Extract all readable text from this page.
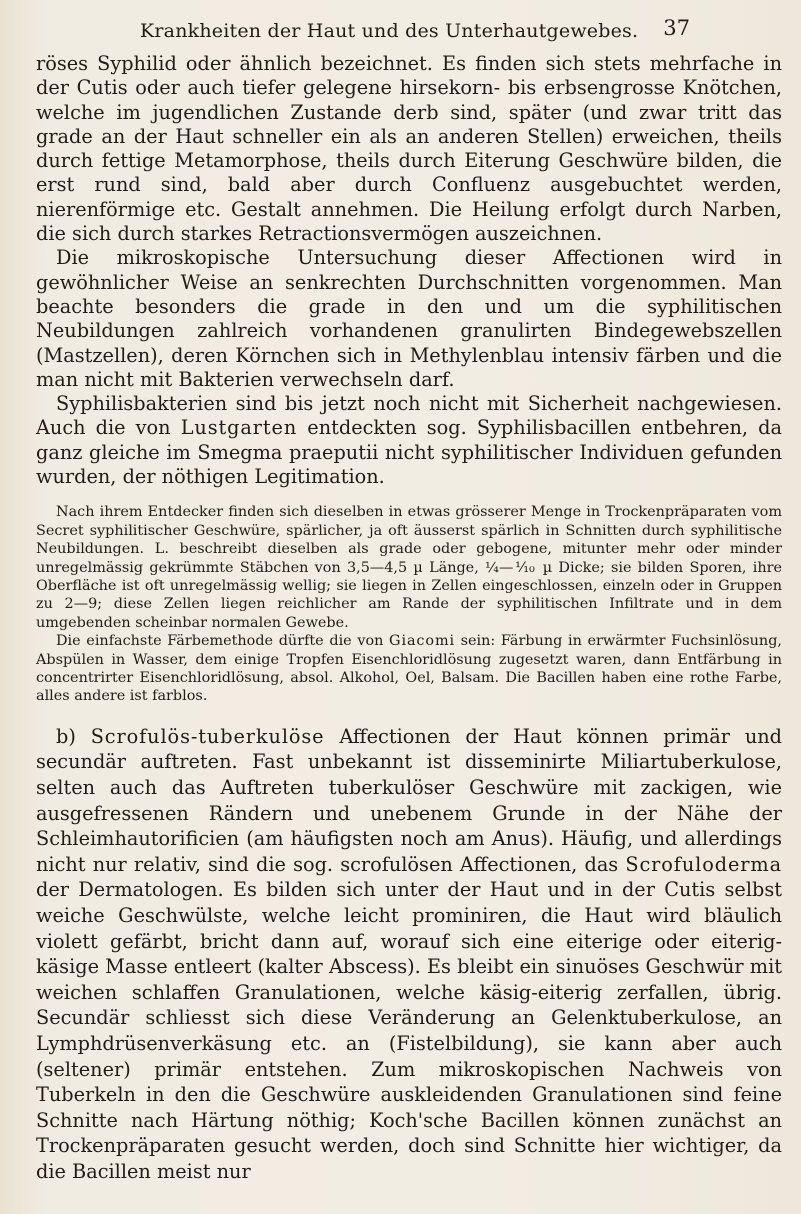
Krankheiten der Haut und des Unterhautgewebes. 37

röses Syphilid oder ähnlich bezeichnet. Es finden sich stets mehrfache in der Cutis oder auch tiefer gelegene hirsekorn- bis erbsengrosse Knötchen, welche im jugendlichen Zustande derb sind, später (und zwar tritt das grade an der Haut schneller ein als an anderen Stellen) erweichen, theils durch fettige Metamorphose, theils durch Eiterung Geschwüre bilden, die erst rund sind, bald aber durch Confluenz ausgebuchtet werden, nierenförmige etc. Gestalt annehmen. Die Heilung erfolgt durch Narben, die sich durch starkes Retractionsvermögen auszeichnen.

Die mikroskopische Untersuchung dieser Affectionen wird in gewöhnlicher Weise an senkrechten Durchschnitten vorgenommen. Man beachte besonders die grade in den und um die syphilitischen Neubildungen zahlreich vorhandenen granulirten Bindegewebszellen (Mastzellen), deren Körnchen sich in Methylenblau intensiv färben und die man nicht mit Bakterien verwechseln darf.

Syphilisbakterien sind bis jetzt noch nicht mit Sicherheit nachgewiesen. Auch die von Lustgarten entdeckten sog. Syphilisbacillen entbehren, da ganz gleiche im Smegma praeputii nicht syphilitischer Individuen gefunden wurden, der nöthigen Legitimation.

Nach ihrem Entdecker finden sich dieselben in etwas grösserer Menge in Trockenpräparaten vom Secret syphilitischer Geschwüre, spärlicher, ja oft äusserst spärlich in Schnitten durch syphilitische Neubildungen. L. beschreibt dieselben als grade oder gebogene, mitunter mehr oder minder unregelmässig gekrümmte Stäbchen von 3,5—4,5 µ Länge, ¼—⅒ µ Dicke; sie bilden Sporen, ihre Oberfläche ist oft unregelmässig wellig; sie liegen in Zellen eingeschlossen, einzeln oder in Gruppen zu 2—9; diese Zellen liegen reichlicher am Rande der syphilitischen Infiltrate und in dem umgebenden scheinbar normalen Gewebe.

Die einfachste Färbemethode dürfte die von Giacomi sein: Färbung in erwärmter Fuchsinlösung, Abspülen in Wasser, dem einige Tropfen Eisenchloridlösung zugesetzt waren, dann Entfärbung in concentrirter Eisenchloridlösung, absol. Alkohol, Oel, Balsam. Die Bacillen haben eine rothe Farbe, alles andere ist farblos.

b) Scrofulös-tuberkulöse Affectionen der Haut können primär und secundär auftreten. Fast unbekannt ist disseminirte Miliartuberkulose, selten auch das Auftreten tuberkulöser Geschwüre mit zackigen, wie ausgefressenen Rändern und unebenem Grunde in der Nähe der Schleimhautorificien (am häufigsten noch am Anus). Häufig, und allerdings nicht nur relativ, sind die sog. scrofulösen Affectionen, das Scrofuloderma der Dermatologen. Es bilden sich unter der Haut und in der Cutis selbst weiche Geschwülste, welche leicht prominiren, die Haut wird bläulich violett gefärbt, bricht dann auf, worauf sich eine eiterige oder eiterig-käsige Masse entleert (kalter Abscess). Es bleibt ein sinuöses Geschwür mit weichen schlaffen Granulationen, welche käsig-eiterig zerfallen, übrig. Secundär schliesst sich diese Veränderung an Gelenktuberkulose, an Lymphdrüsenverkäsung etc. an (Fistelbildung), sie kann aber auch (seltener) primär entstehen. Zum mikroskopischen Nachweis von Tuberkeln in den die Geschwüre auskleidenden Granulationen sind feine Schnitte nach Härtung nöthig; Koch'sche Bacillen können zunächst an Trockenpräparaten gesucht werden, doch sind Schnitte hier wichtiger, da die Bacillen meist nur
